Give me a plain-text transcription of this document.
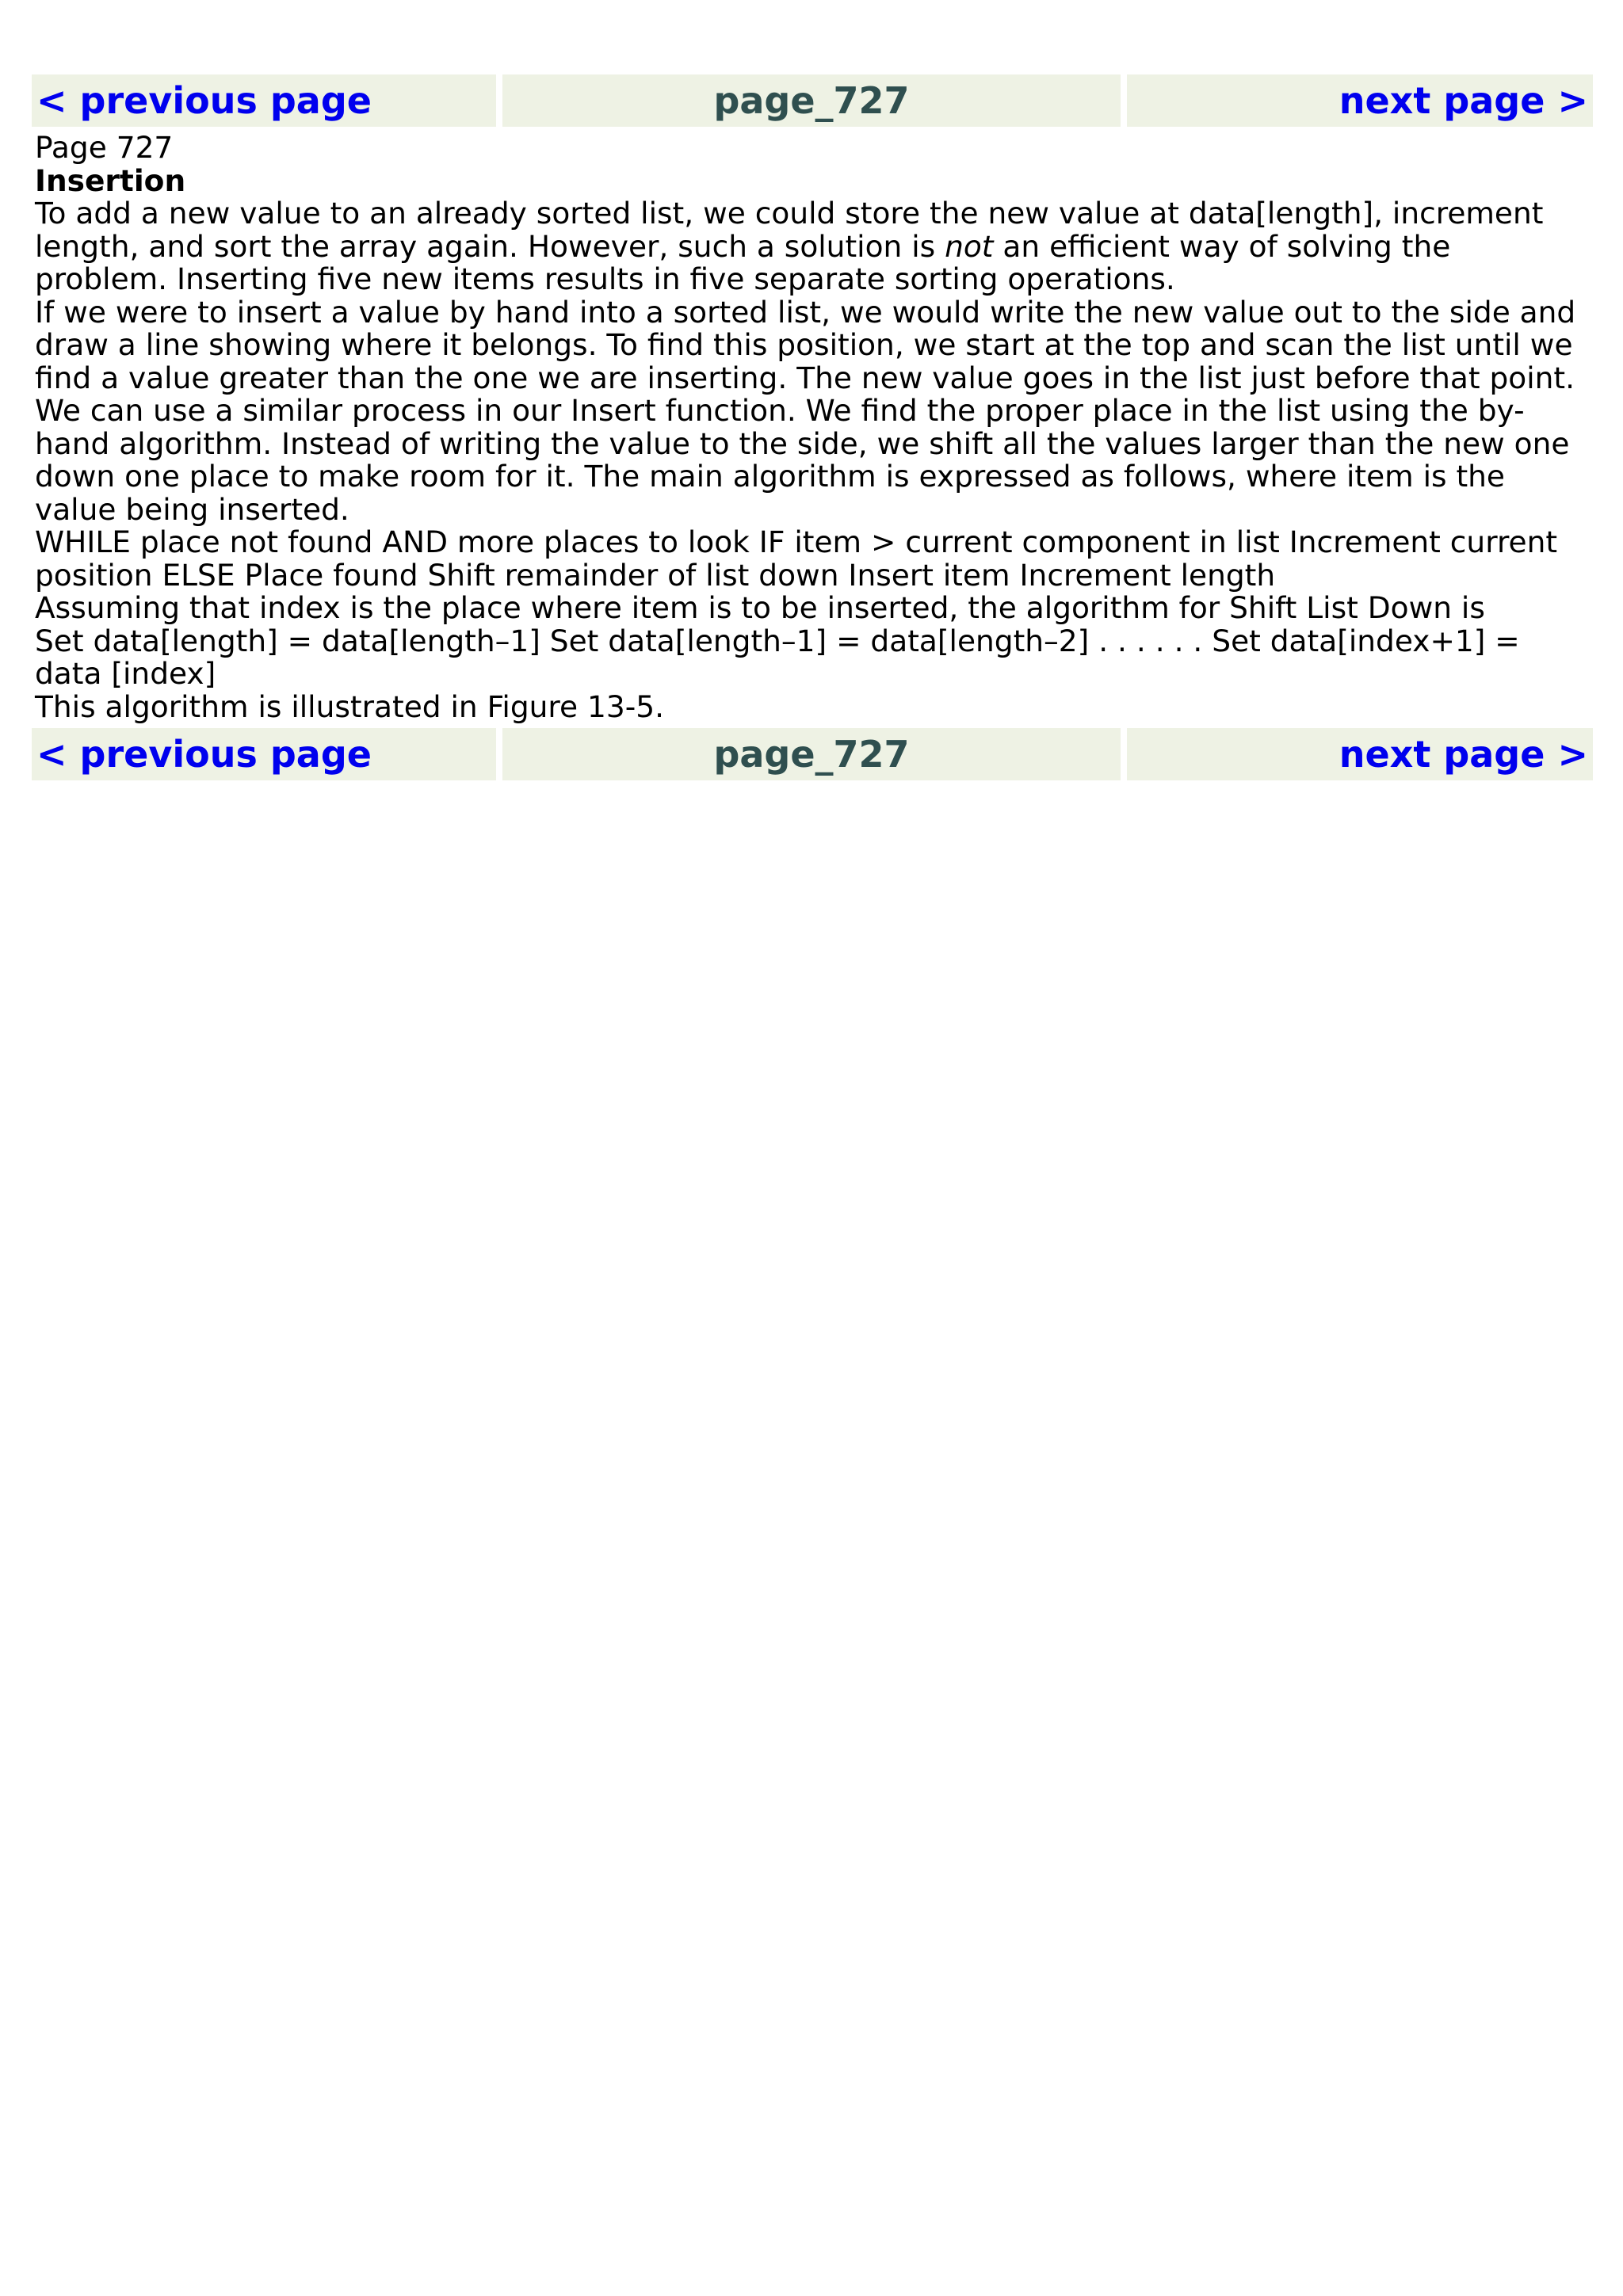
< previous page	page_727	next page >

Page 727

Insertion

To add a new value to an already sorted list, we could store the new value at data[length], increment length, and sort the array again. However, such a solution is not an efficient way of solving the problem. Inserting five new items results in five separate sorting operations.

If we were to insert a value by hand into a sorted list, we would write the new value out to the side and draw a line showing where it belongs. To find this position, we start at the top and scan the list until we find a value greater than the one we are inserting. The new value goes in the list just before that point.

We can use a similar process in our Insert function. We find the proper place in the list using the by-hand algorithm. Instead of writing the value to the side, we shift all the values larger than the new one down one place to make room for it. The main algorithm is expressed as follows, where item is the value being inserted.

WHILE place not found AND more places to look IF item > current component in list Increment current position ELSE Place found Shift remainder of list down Insert item Increment length

Assuming that index is the place where item is to be inserted, the algorithm for Shift List Down is

Set data[length] = data[length–1] Set data[length–1] = data[length–2] . . . . . . Set data[index+1] = data [index]

This algorithm is illustrated in Figure 13-5.

< previous page	page_727	next page >
